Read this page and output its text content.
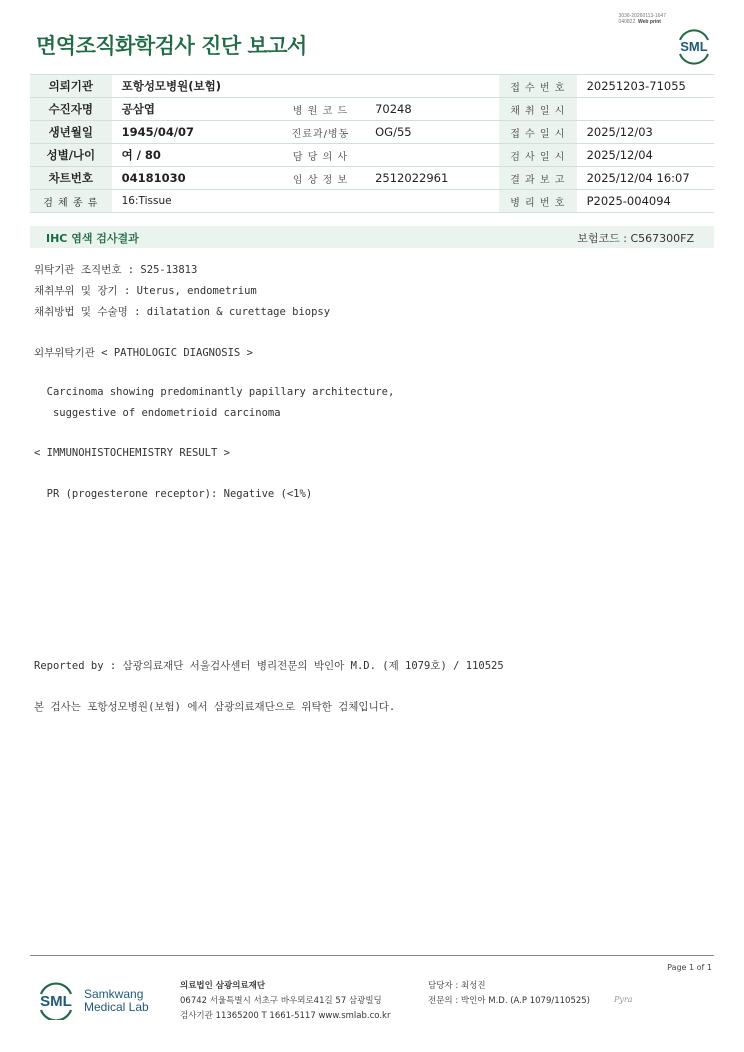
3036-20260113-1647
040822 Web print
면역조직화학검사 진단 보고서	SML
의뢰기관	포항성모병원(보험)			접 수 번 호	20251203-71055
수진자명	공삼엽	병 원 코 드	70248	채 취 일 시	
생년월일	1945/04/07	진료과/병동	OG/55	접 수 일 시	2025/12/03
성별/나이	여 / 80	담 당 의 사		검 사 일 시	2025/12/04
차트번호	04181030	임 상 정 보	2512022961	결 과 보 고	2025/12/04 16:07
검 체 종 류	16:Tissue			병 리 번 호	P2025-004094
IHC 염색 검사결과	보험코드 : C567300FZ
위탁기관 조직번호 : S25-13813
채취부위 및 장기 : Uterus, endometrium
채취방법 및 수술명 : dilatation & curettage biopsy
외부위탁기관 < PATHOLOGIC DIAGNOSIS >
Carcinoma showing predominantly papillary architecture,
suggestive of endometrioid carcinoma
< IMMUNOHISTOCHEMISTRY RESULT >
PR (progesterone receptor): Negative (<1%)
Reported by : 삼광의료재단 서울검사센터 병리전문의 박인아 M.D. (제 1079호) / 110525
본 검사는 포항성모병원(보험) 에서 삼광의료재단으로 위탁한 검체입니다.
Page 1 of 1
SML Samkwang
Medical Lab
의료법인 삼광의료재단
06742 서울특별시 서초구 바우뫼로41길 57 삼광빌딩
검사기관 11365200 T 1661-5117 www.smlab.co.kr
담당자 : 최성진
전문의 : 박인아 M.D. (A.P 1079/110525)	Pyra
